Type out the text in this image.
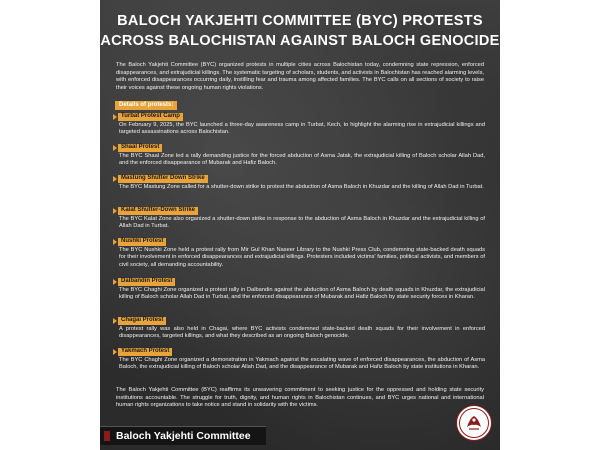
BALOCH YAKJEHTI COMMITTEE (BYC) PROTESTS
ACROSS BALOCHISTAN AGAINST BALOCH GENOCIDE
The Baloch Yakjehti Committee (BYC) organized protests in multiple cities across Balochistan today, condemning state repression, enforced disappearances, and extrajudicial killings. The systematic targeting of scholars, students, and activists in Balochistan has reached alarming levels, with enforced disappearances occurring daily, instilling fear and trauma among affected families. The BYC calls on all sections of society to raise their voices against these ongoing human rights violations.
Details of protests:
Turbat Protest Camp
On February 9, 2025, the BYC launched a three-day awareness camp in Turbat, Kech, to highlight the alarming rise in extrajudicial killings and targeted assassinations across Balochistan.
Shaal Protest
The BYC Shaal Zone led a rally demanding justice for the forced abduction of Asma Jatak, the extrajudicial killing of Baloch scholar Allah Dad, and the enforced disappearance of Mubarak and Hafiz Baloch.
Mastung Shutter Down Strike
The BYC Mastung Zone called for a shutter-down strike to protest the abduction of Asma Baloch in Khuzdar and the killing of Allah Dad in Turbat.
Kalat Shutter-Down Strike
The BYC Kalat Zone also organized a shutter-down strike in response to the abduction of Asma Baloch in Khuzdar and the extrajudicial killing of Allah Dad in Turbat.
Nushki Protest
The BYC Nushki Zone held a protest rally from Mir Gul Khan Naseer Library to the Nushki Press Club, condemning state-backed death squads for their involvement in enforced disappearances and extrajudicial killings. Protesters included victims' families, political activists, and members of civil society, all demanding accountability.
Dalbandin Protest
The BYC Chaghi Zone organized a protest rally in Dalbandin against the abduction of Asma Baloch by death squads in Khuzdar, the extrajudicial killing of Baloch scholar Allah Dad in Turbat, and the enforced disappearance of Mubarak and Hafiz Baloch by state security forces in Kharan.
Chagai Protest
A protest rally was also held in Chagai, where BYC activists condemned state-backed death squads for their involvement in enforced disappearances, targeted killings, and what they described as an ongoing Baloch genocide.
Yakmach Protest
The BYC Chaghi Zone organized a demonstration in Yakmach against the escalating wave of enforced disappearances, the abduction of Asma Baloch, the extrajudicial killing of Baloch scholar Allah Dad, and the disappearance of Mubarak and Hafiz Baloch by state institutions in Kharan.
The Baloch Yakjehti Committee (BYC) reaffirms its unwavering commitment to seeking justice for the oppressed and holding state security institutions accountable. The struggle for truth, dignity, and human rights in Balochistan continues, and BYC urges national and international human rights organizations to take notice and stand in solidarity with the victims.
Baloch Yakjehti Committee
